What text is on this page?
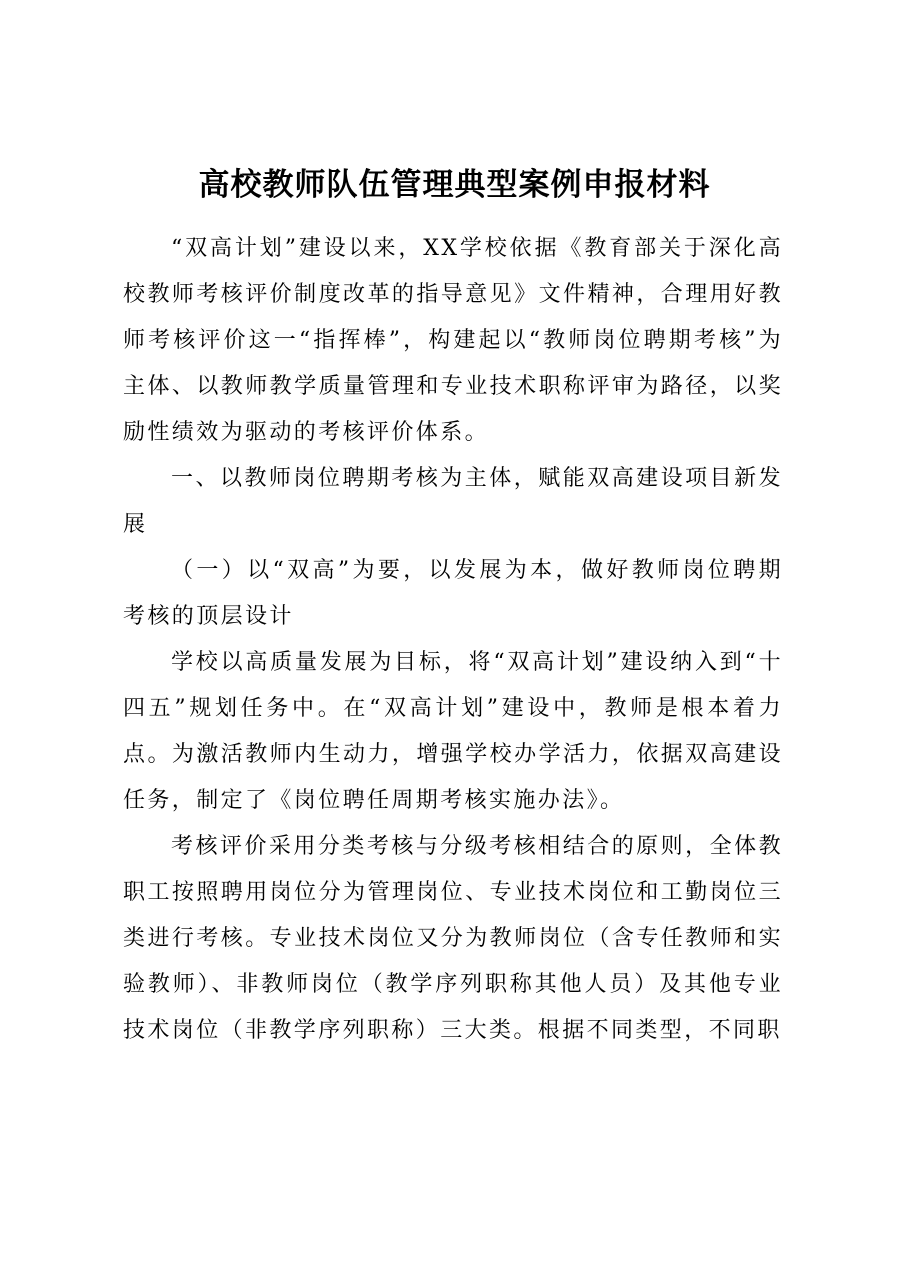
高校教师队伍管理典型案例申报材料

“双高计划”建设以来，XX学校依据《教育部关于深化高校教师考核评价制度改革的指导意见》文件精神，合理用好教师考核评价这一“指挥棒”，构建起以“教师岗位聘期考核”为主体、以教师教学质量管理和专业技术职称评审为路径，以奖励性绩效为驱动的考核评价体系。

一、以教师岗位聘期考核为主体，赋能双高建设项目新发展

（一）以“双高”为要，以发展为本，做好教师岗位聘期考核的顶层设计

学校以高质量发展为目标，将“双高计划”建设纳入到“十四五”规划任务中。在“双高计划”建设中，教师是根本着力点。为激活教师内生动力，增强学校办学活力，依据双高建设任务，制定了《岗位聘任周期考核实施办法》。

考核评价采用分类考核与分级考核相结合的原则，全体教职工按照聘用岗位分为管理岗位、专业技术岗位和工勤岗位三类进行考核。专业技术岗位又分为教师岗位（含专任教师和实验教师）、非教师岗位（教学序列职称其他人员）及其他专业技术岗位（非教学序列职称）三大类。根据不同类型，不同职
